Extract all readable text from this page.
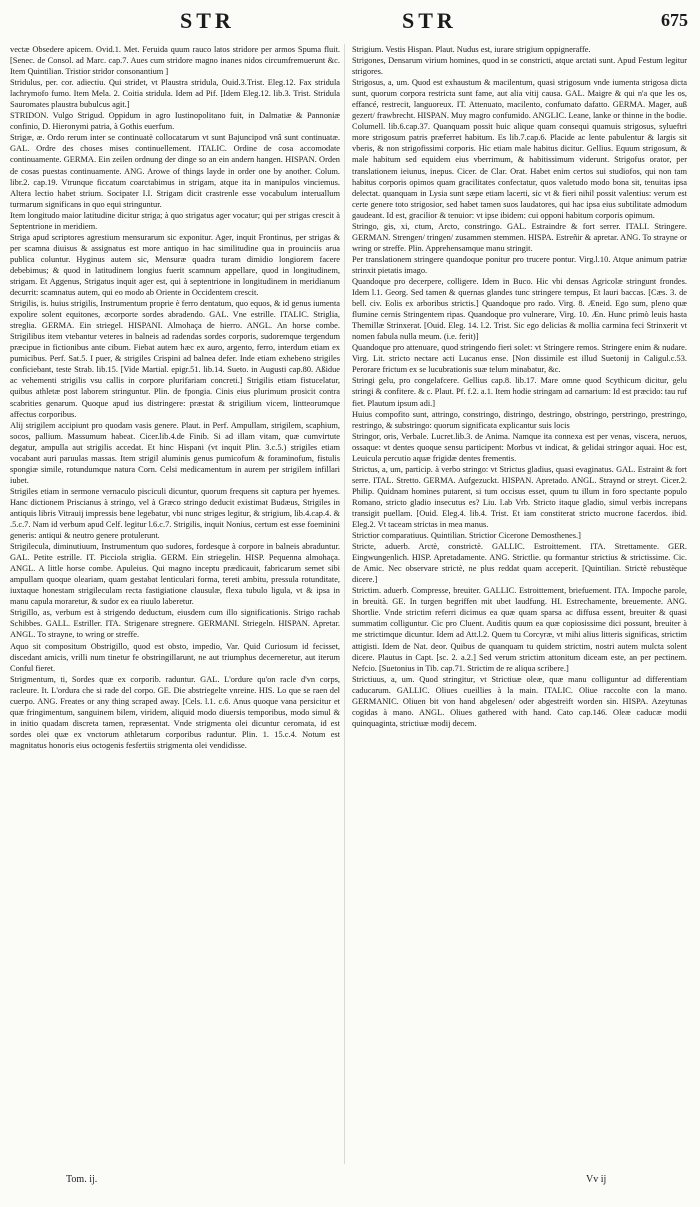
STR	STR	675

vectæ Obsedere apicem. Ovid.1. Met. Feruida quum rauco latos stridore per armos Spuma fluit. [Senec. de Consol. ad Marc. cap.7. Aues cum stridore magno inanes nidos circumfremuerunt &c. Item Quintilian. Tristior stridor consonantium ]

Stridulus, per. cor. adiectiu. Qui stridet, vt Plaustra stridula, Ouid.3.Trist. Eleg.12. Fax stridula lachrymofo fumo. Item Mela. 2. Coitia stridula. Idem ad Pif. [Idem Eleg.12. lib.3. Trist. Stridula Sauromates plaustra bubulcus agit.]

STRIDON. Vulgo Strigud. Oppidum in agro Iustinopolitano fuit, in Dalmatiæ & Pannoniæ confinio, D. Hieronymi patria, à Gothis euerfum.

Strigæ, æ. Ordo rerum inter se continuatè collocatarum vt sunt Bajuncipod vnâ sunt continuatæ. GAL. Ordre des choses mises continuellement. ITALIC. Ordine de cosa accomodate continuamente. GERMA. Ein zeilen ordnung der dinge so an ein andern hangen. HISPAN. Orden de cosas puestas continuamente. ANG. Arowe of things layde in order one by another. Colum. libr.2. cap.19. Vtrunque ficcatum coarctabimus in strigam, atque ita in manipulos vinciemus. Altera lectio habet strium. Socipater I.I. Strigam dicit crastrenle esse vocabulum interuallum turmarum significans in quo equi stringuntur.

Item longitudo maior latitudine dicitur striga; à quo strigatus ager vocatur; qui per strigas crescit à Septentrione in meridiem.

Striga apud scriptores agrestium mensurarum sic exponitur. Ager, inquit Frontinus, per strigas & per scamna diuisus & assignatus est more antiquo in hac similitudine qua in prouinciis arua publica coluntur. Hyginus autem sic, Mensuræ quadra turam dimidio longiorem facere debebimus; & quod in latitudinem longius fuerit scamnum appellare, quod in longitudinem, strigam. Et Aggenus, Strigatus inquit ager est, qui à septentrione in longitudinem in meridianum decurrit: scamnatus autem, qui eo modo ab Oriente in Occidentem crescit.

Strigilis, is. huius strigilis, Instrumentum proprie è ferro dentatum, quo equos, & id genus iumenta expolire solent equitones, æcorporte sordes abradendo. GAL. Vne estrille. ITALIC. Striglia, streglia. GERMA. Ein striegel. HISPANI. Almohaça de hierro. ANGL. An horse combe. Strigilibus item vtebantur veteres in balneis ad radendas sordes corporis, sudoremque tergendum præcipue in fictionibus ante cibum. Fiebat autem hæc ex auro, argento, ferro, interdum etiam ex pumicibus. Perf. Sat.5. I puer, & strigiles Crispini ad balnea defer. Inde etiam exhebeno strigiles conficiebant, teste Strab. lib.15. [Vide Martial. epigr.51. lib.14. Sueto. in Augusti cap.80. Aßidue ac vehementi strigilis vsu callis in corpore plurifariam concreti.] Strigilis etiam fistucelatur, quibus athletæ post laborem stringuntur. Plin. de fpongia. Cinis eius plurimum prosicit contra scabrities genarum. Quoque apud ius distringere: præstat & strigilium vicem, lintteorumque affectus corporibus.

Alij strigilem accipiunt pro quodam vasis genere. Plaut. in Perf. Ampullam, strigilem, scaphium, socos, pallium. Massumum habeat. Cicer.lib.4.de Finib. Si ad illam vitam, quæ cumvirtute degatur, ampulla aut strigilis accedat. Et hinc Hispani (vt inquit Plin. 3.c.5.) strigiles etiam vocabant auri paruulas massas. Item strigil aluminis genus pumicofum & foraminofum, fistulis spongiæ simile, rotundumque natura Corn. Celsi medicamentum in aurem per strigilem infillari iubet.

Strigiles etiam in sermone vernaculo pisciculi dicuntur, quorum frequens sit captura per hyemes. Hanc dictionem Priscianus à stringo, vel à Græco stringo deducit existimat Budæus, Strigiles in antiquis libris Vitrauij impressis bene legebatur, vbi nunc striges legitur, & strigium, lib.4.cap.4. & .5.c.7. Nam id verbum apud Celf. legitur l.6.c.7. Strigilis, inquit Nonius, certum est esse foeminini generis: antiqui & neutro genere protulerunt.

Strigilecula, diminutiuum, Instrumentum quo sudores, fordesque à corpore in balneis abraduntur. GAL. Petite estrille. IT. Picciola striglia. GERM. Ein striegelin. HISP. Pequenna almohaça. ANGL. A little horse combe. Apuleius. Qui magno inceptu prædicauit, fabricarum semet sibi ampullam quoque oleariam, quam gestabat lenticulari forma, tereti ambitu, pressula rotunditate, iuxtaque honestam strigileculam recta fastigiatione clausulæ, flexa tubulo ligula, vt & ipsa in manu capula moraretur, & sudor ex ea riuulo laberetur.

Strigillo, as, verbum est à strigendo deductum, eiusdem cum illo significationis. Strigo rachab Schibbes. GALL. Estriller. ITA. Strigenare stregnere. GERMANI. Striegeln. HISPAN. Apretar. ANGL. To strayne, to wring or streffe.

Aquo sit compositum Obstrigillo, quod est obsto, impedio, Var. Quid Curiosum id fecisset, discedant amicis, vrilli num tinetur fe obstringillarunt, ne aut triumphus decerneretur, aut iterum Conful fieret.

Strigmentum, ti, Sordes quæ ex corporib. raduntur. GAL. L'ordure qu'on racle d'vn corps, racleure. It. L'ordura che si rade del corpo. GE. Die abstriegelte vnreine. HIS. Lo que se raen del cuerpo. ANG. Freates or any thing scraped away. [Cels. l.1. c.6. Anus quoque vana persicitur et quæ fringimentum, sanguinem bilem, viridem, aliquid modo diuersis temporibus, modo simul & in initio quadam discreta tamen, repræsentat. Vnde strigmenta olei dicuntur ceromata, id est sordes olei quæ ex vnctorum athletarum corporibus raduntur. Plin. 1. 15.c.4. Notum est magnitatus honoris eius octogenis fesfertiis strigmenta olei vendidisse.

Strigium. Vestis Hispan. Plaut. Nudus est, iurare strigium oppigneraffe.

Strigones, Densarum virium homines, quod in se constricti, atque arctati sunt. Apud Festum legitur strigores.

Strigosus, a, um. Quod est exhaustum & macilentum, quasi strigosum vnde iumenta strigosa dicta sunt, quorum corpora restricta sunt fame, aut alia vitij causa. GAL. Maigre & qui n'a que les os, effancé, restrecit, languoreux. IT. Attenuato, macilento, confumato dafatto. GERMA. Mager, auß gezert/ frawbrecht. HISPAN. Muy magro confumido. ANGLIC. Leane, lanke or thinne in the bodie. Columell. lib.6.cap.37. Quanquam possit huic alique quam consequi quamuis strigosus, sylueftri more strigosum patris præferret habitum. Es lib.7.cap.6. Placide ac lente pabulentur & largis sit vberis, & non strigofissimi corporis. Hic etiam male habitus dicitur. Gellius. Equum strigosum, & male habitum sed equidem eius vberrimum, & habitissimum viderunt. Strigofus orator, per translationem ieiunus, inepus. Cicer. de Clar. Orat. Habet enim certos sui studiofos, qui non tam habitus corporis opimos quam gracilitates confectatur, quos valetudo modo bona sit, tenuitas ipsa delectat. quanquam in Lysia sunt sæpe etiam lacerti, sic vt & fieri nihil possit valentius: verum est certe genere toto strigosior, sed habet tamen suos laudatores, qui hac ipsa eius subtilitate admodum gaudeant. Id est, gracilior & tenuior: vt ipse ibidem: cui opponi habitum corporis opimum.

Stringo, gis, xi, ctum, Arcto, constringo. GAL. Estraindre & fort serrer. ITALI. Stringere. GERMAN. Strengen/ tringen/ zusammen stemmen. HISPA. Estreñir & apretar. ANG. To strayne or wring or streffe. Plin. Apprehensamque manu stringit.

Per translationem stringere quandoque ponitur pro trucere pontur. Virg.l.10. Atque animum patriæ strinxit pietatis imago.

Quandoque pro decerpere, colligere. Idem in Buco. Hic vbi densas Agricolæ stringunt frondes. Idem l.1. Georg. Sed tamen & quernas glandes tunc stringere tempus, Et lauri baccas. [Cæs. 3. de bell. civ. Eolis ex arboribus strictis.] Quandoque pro rado. Virg. 8. Æneid. Ego sum, pleno quæ flumine cernis Stringentem ripas. Quandoque pro vulnerare, Virg. 10. Æn. Hunc primò leuis hasta Themillæ Strinxerat. [Ouid. Eleg. 14. l.2. Trist. Sic ego delicias & mollia carmina feci Strinxerit vt nomen fabula nulla meum. (i.e. ferit)]

Quandoque pro attenuare, quod stringendo fieri solet: vt Stringere remos. Stringere enim & nudare. Virg. Lit. stricto nectare acti Lucanus ense. [Non dissimile est illud Suetonij in Caligul.c.53. Perorare frictum ex se lucubrationis suæ telum minabatur, &c.

Stringi gelu, pro congelafcere. Gellius cap.8. lib.17. Mare omne quod Scythicum dicitur, gelu stringi & confitere. & c. Plaut. Pf. f.2. a.1. Item hodie stringam ad carnarium: Id est præcido: tau ruf fiet. Plautum ipsum adi.]

Huius compofito sunt, attringo, constringo, distringo, destringo, obstringo, perstringo, prestringo, restringo, & substringo: quorum significata explicantur suis locis

Stringor, oris, Verbale. Lucret.lib.3. de Anima. Namque ita connexa est per venas, viscera, neruos, ossaque: vt dentes quoque sensu participent: Morbus vt indicat, & gelidai stringor aquai. Hoc est, Leuicula percutio aquæ frigidæ dentes frementis.

Strictus, a, um, particip. à verbo stringo: vt Strictus gladius, quasi evaginatus. GAL. Estraint & fort serre. ITAL. Stretto. GERMA. Aufgezuckt. HISPAN. Apretado. ANGL. Straynd or streyt. Cicer.2. Philip. Quidnam homines putarent, si tum occisus esset, quum tu illum in foro spectante populo Romano, stricto gladio insecutus es? Liu. l.ab Vrb. Stricto itaque gladio, simul verbis increpans transigit puellam. [Ouid. Eleg.4. lib.4. Trist. Et iam constiterat stricto mucrone facerdos. ibid. Eleg.2. Vt taceam strictas in mea manus.

Strictior comparatiuus. Quintilian. Strictior Cicerone Demosthenes.]

Stricte, aduerb. Arctè, constrictè. GALLIC. Estroittement. ITA. Strettamente. GER. Eingwungenlich. HISP. Apretadamente. ANG. Strictlie. qu formantur strictius & strictissime. Cic. de Amic. Nec observare strictè, ne plus reddat quam acceperit. [Quintilian. Strictè rebustèque dicere.]

Strictim. aduerb. Compresse, breuiter. GALLIC. Estroittement, briefuement. ITA. Impoche parole, in breuità. GE. In turgen begriffen mit ubet laudfung. HI. Estrechamente, breuemente. ANG. Shortlie. Vnde strictim referri dicimus ea quæ quam sparsa ac diffusa essent, breuiter & quasi summatim colliguntur. Cic pro Cluent. Auditis quum ea quæ copiosissime dici possunt, breuiter à me strictimque dicuntur. Idem ad Att.l.2. Quem tu Corcyræ, vt mihi alius litteris significas, strictim attigisti. Idem de Nat. deor. Quibus de quanquam tu quidem strictim, nostri autem mulcta solent dicere. Plautus in Capt. [sc. 2. a.2.] Sed verum strictim attonitum diceam este, an per pectinem. Nefcio. [Suetonius in Tib. cap.71. Strictim de re aliqua scribere.]

Strictiuus, a, um. Quod stringitur, vt Strictiuæ oleæ, quæ manu colliguntur ad differentiam caducarum. GALLIC. Oliues cueillies à la main. ITALIC. Oliue raccolte con la mano. GERMANIC. Oliuen bit von hand abgelesen/ oder abgestreift worden sin. HISPA. Azeytunas cogidas à mano. ANGL. Oliues gathered with hand. Cato cap.146. Oleæ caducæ modii quinquaginta, strictiuæ modij decem.

Tom. ij.	Vv ij
